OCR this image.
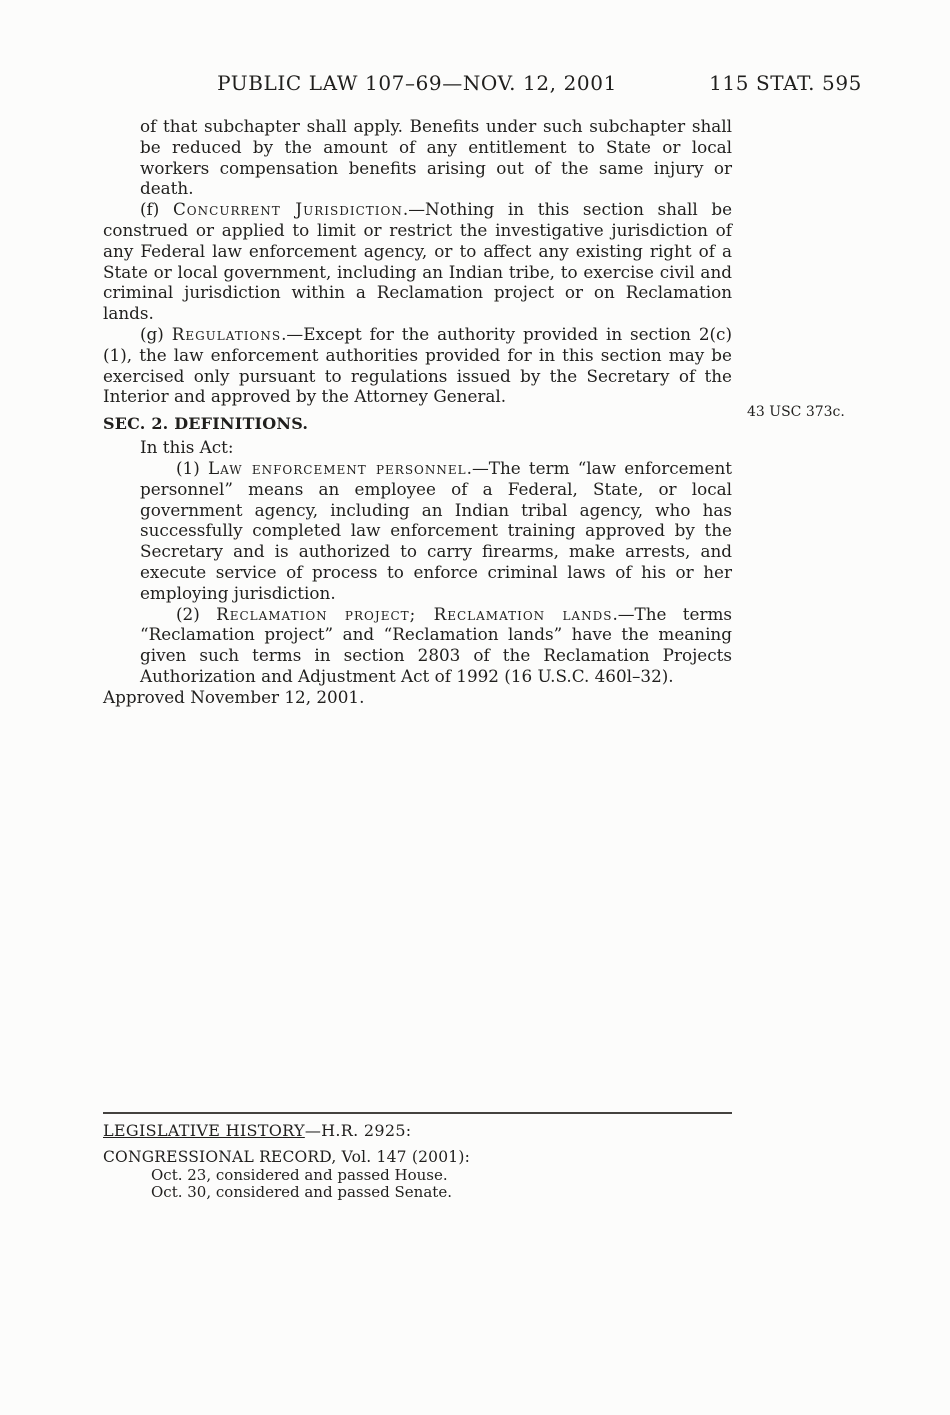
PUBLIC LAW 107–69—NOV. 12, 2001	115 STAT. 595

of that subchapter shall apply. Benefits under such subchapter shall be reduced by the amount of any entitlement to State or local workers compensation benefits arising out of the same injury or death.

(f) Concurrent Jurisdiction.—Nothing in this section shall be construed or applied to limit or restrict the investigative jurisdiction of any Federal law enforcement agency, or to affect any existing right of a State or local government, including an Indian tribe, to exercise civil and criminal jurisdiction within a Reclamation project or on Reclamation lands.

(g) Regulations.—Except for the authority provided in section 2(c)(1), the law enforcement authorities provided for in this section may be exercised only pursuant to regulations issued by the Secretary of the Interior and approved by the Attorney General.

SEC. 2. DEFINITIONS.

In this Act:

(1) Law enforcement personnel.—The term “law enforcement personnel” means an employee of a Federal, State, or local government agency, including an Indian tribal agency, who has successfully completed law enforcement training approved by the Secretary and is authorized to carry firearms, make arrests, and execute service of process to enforce criminal laws of his or her employing jurisdiction.

(2) Reclamation project; Reclamation lands.—The terms “Reclamation project” and “Reclamation lands” have the meaning given such terms in section 2803 of the Reclamation Projects Authorization and Adjustment Act of 1992 (16 U.S.C. 460l–32).

Approved November 12, 2001.

43 USC 373c.
LEGISLATIVE HISTORY—H.R. 2925:
CONGRESSIONAL RECORD, Vol. 147 (2001):
Oct. 23, considered and passed House.
Oct. 30, considered and passed Senate.
